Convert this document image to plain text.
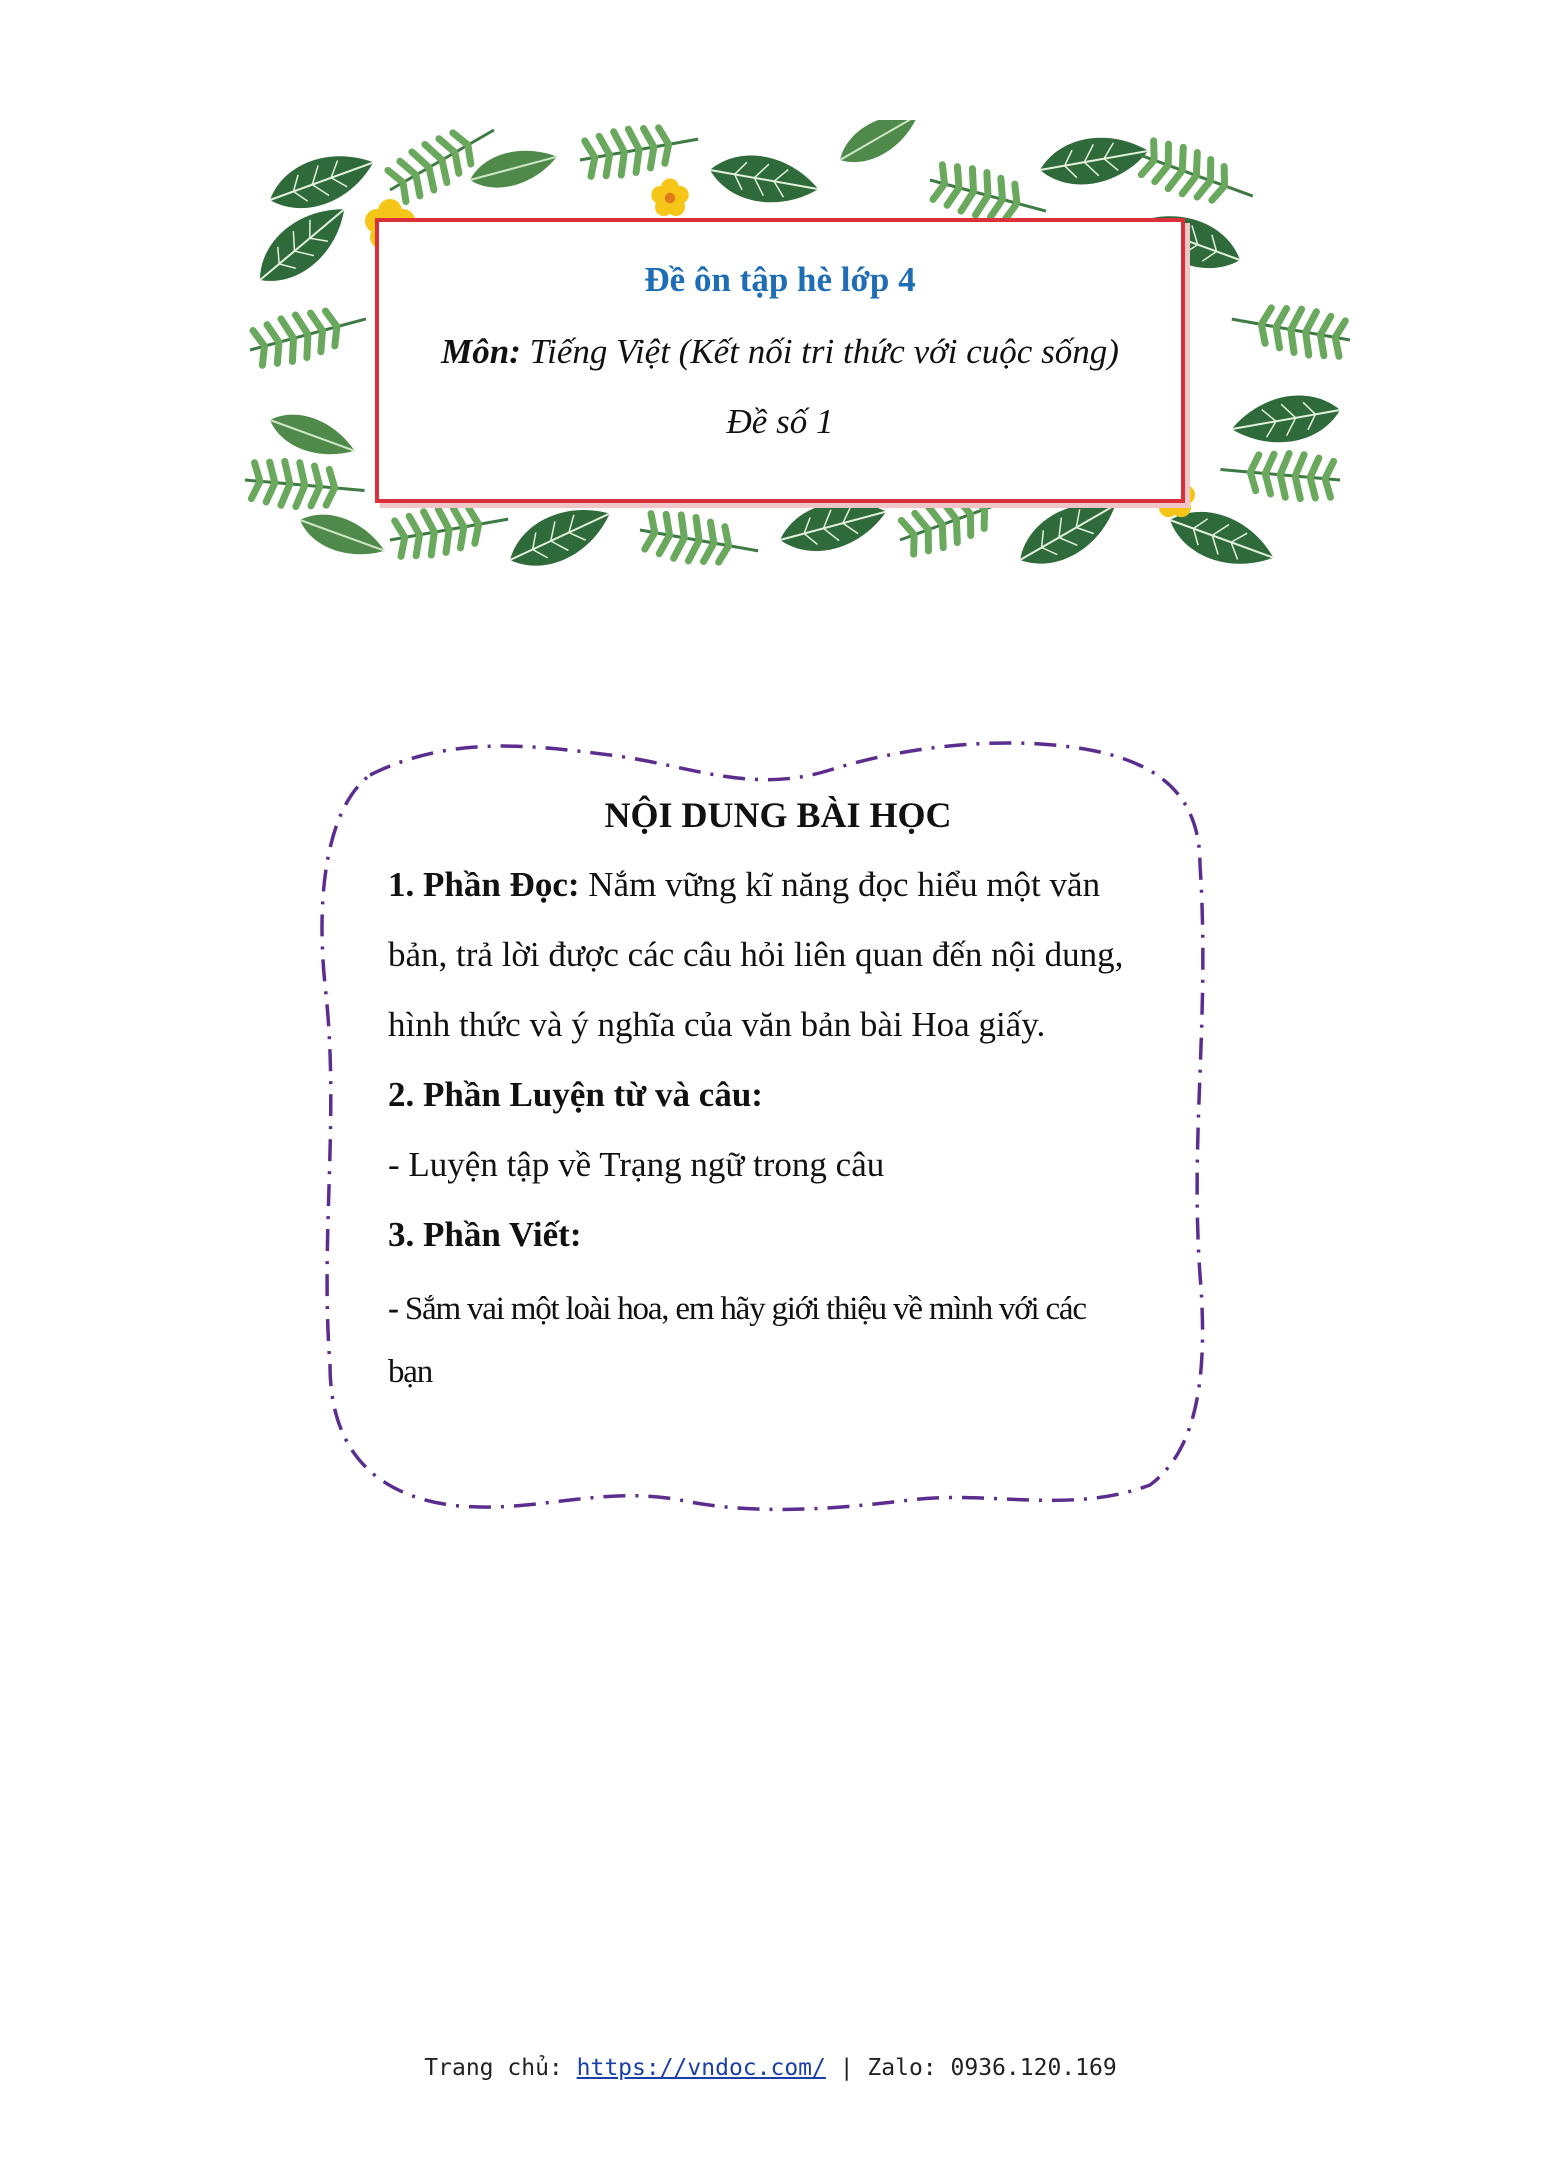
Đề ôn tập hè lớp 4
Môn: Tiếng Việt (Kết nối tri thức với cuộc sống)
Đề số 1
NỘI DUNG BÀI HỌC
1. Phần Đọc: Nắm vững kĩ năng đọc hiểu một văn
bản, trả lời được các câu hỏi liên quan đến nội dung,
hình thức và ý nghĩa của văn bản bài Hoa giấy.
2. Phần Luyện từ và câu:
- Luyện tập về Trạng ngữ trong câu
3. Phần Viết:
- Sắm vai một loài hoa, em hãy giới thiệu về mình với các
bạn
Trang chủ: https://vndoc.com/ | Zalo: 0936.120.169
